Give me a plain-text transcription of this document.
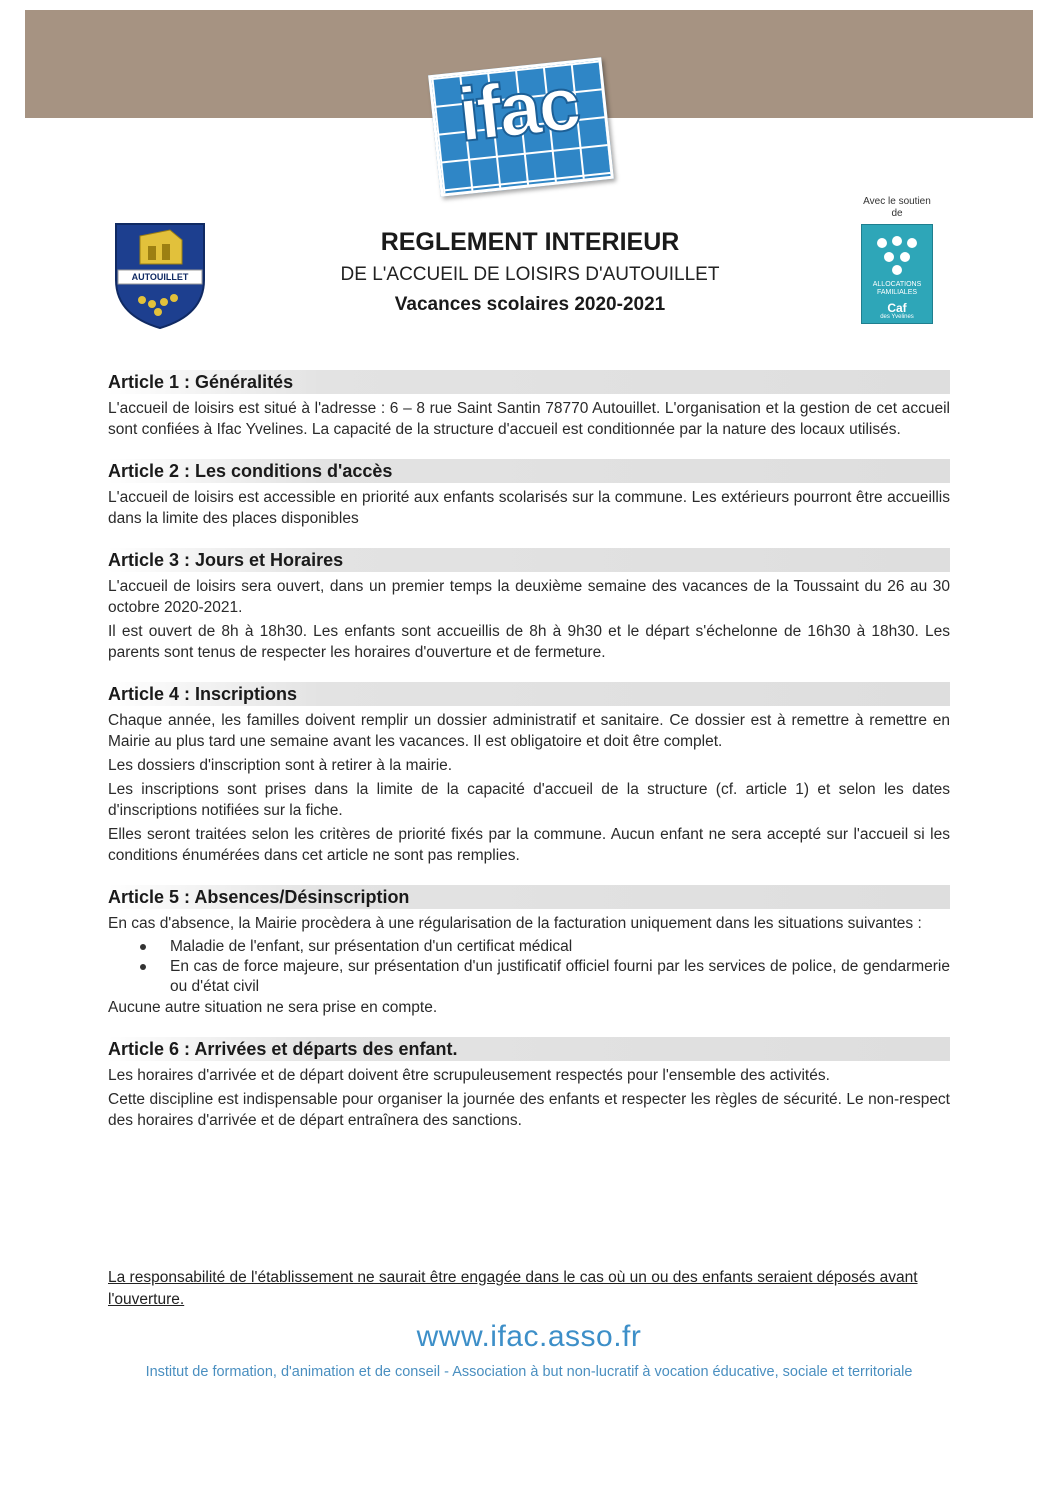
ifac
AUTOUILLET
REGLEMENT INTERIEUR
DE L'ACCUEIL DE LOISIRS D'AUTOUILLET
Vacances scolaires 2020-2021
Avec le soutien de
ALLOCATIONS
FAMILIALES
Caf
des Yvelines
Article 1 : Généralités

L'accueil de loisirs est situé à l'adresse : 6 – 8 rue Saint Santin 78770 Autouillet. L'organisation et la gestion de cet accueil sont confiées à Ifac Yvelines. La capacité de la structure d'accueil est conditionnée par la nature des locaux utilisés.

Article 2 : Les conditions d'accès

L'accueil de loisirs est accessible en priorité aux enfants scolarisés sur la commune. Les extérieurs pourront être accueillis dans la limite des places disponibles

Article 3 : Jours et Horaires

L'accueil de loisirs sera ouvert, dans un premier temps la deuxième semaine des vacances de la Toussaint du 26 au 30 octobre 2020-2021.

Il est ouvert de 8h à 18h30. Les enfants sont accueillis de 8h à 9h30 et le départ s'échelonne de 16h30 à 18h30. Les parents sont tenus de respecter les horaires d'ouverture et de fermeture.

Article 4 : Inscriptions

Chaque année, les familles doivent remplir un dossier administratif et sanitaire. Ce dossier est à remettre à remettre en Mairie au plus tard une semaine avant les vacances. Il est obligatoire et doit être complet.

Les dossiers d'inscription sont à retirer à la mairie.

Les inscriptions sont prises dans la limite de la capacité d'accueil de la structure (cf. article 1) et selon les dates d'inscriptions notifiées sur la fiche.

Elles seront traitées selon les critères de priorité fixés par la commune. Aucun enfant ne sera accepté sur l'accueil si les conditions énumérées dans cet article ne sont pas remplies.

Article 5 : Absences/Désinscription

En cas d'absence, la Mairie procèdera à une régularisation de la facturation uniquement dans les situations suivantes :

Maladie de l'enfant, sur présentation d'un certificat médical
En cas de force majeure, sur présentation d'un justificatif officiel fourni par les services de police, de gendarmerie ou d'état civil

Aucune autre situation ne sera prise en compte.

Article 6 : Arrivées et départs des enfant.

Les horaires d'arrivée et de départ doivent être scrupuleusement respectés pour l'ensemble des activités.

Cette discipline est indispensable pour organiser la journée des enfants et respecter les règles de sécurité. Le non-respect des horaires d'arrivée et de départ entraînera des sanctions.

La responsabilité de l'établissement ne saurait être engagée dans le cas où un ou des enfants seraient déposés avant l'ouverture.
www.ifac.asso.fr
Institut de formation, d'animation et de conseil - Association à but non-lucratif à vocation éducative, sociale et territoriale
